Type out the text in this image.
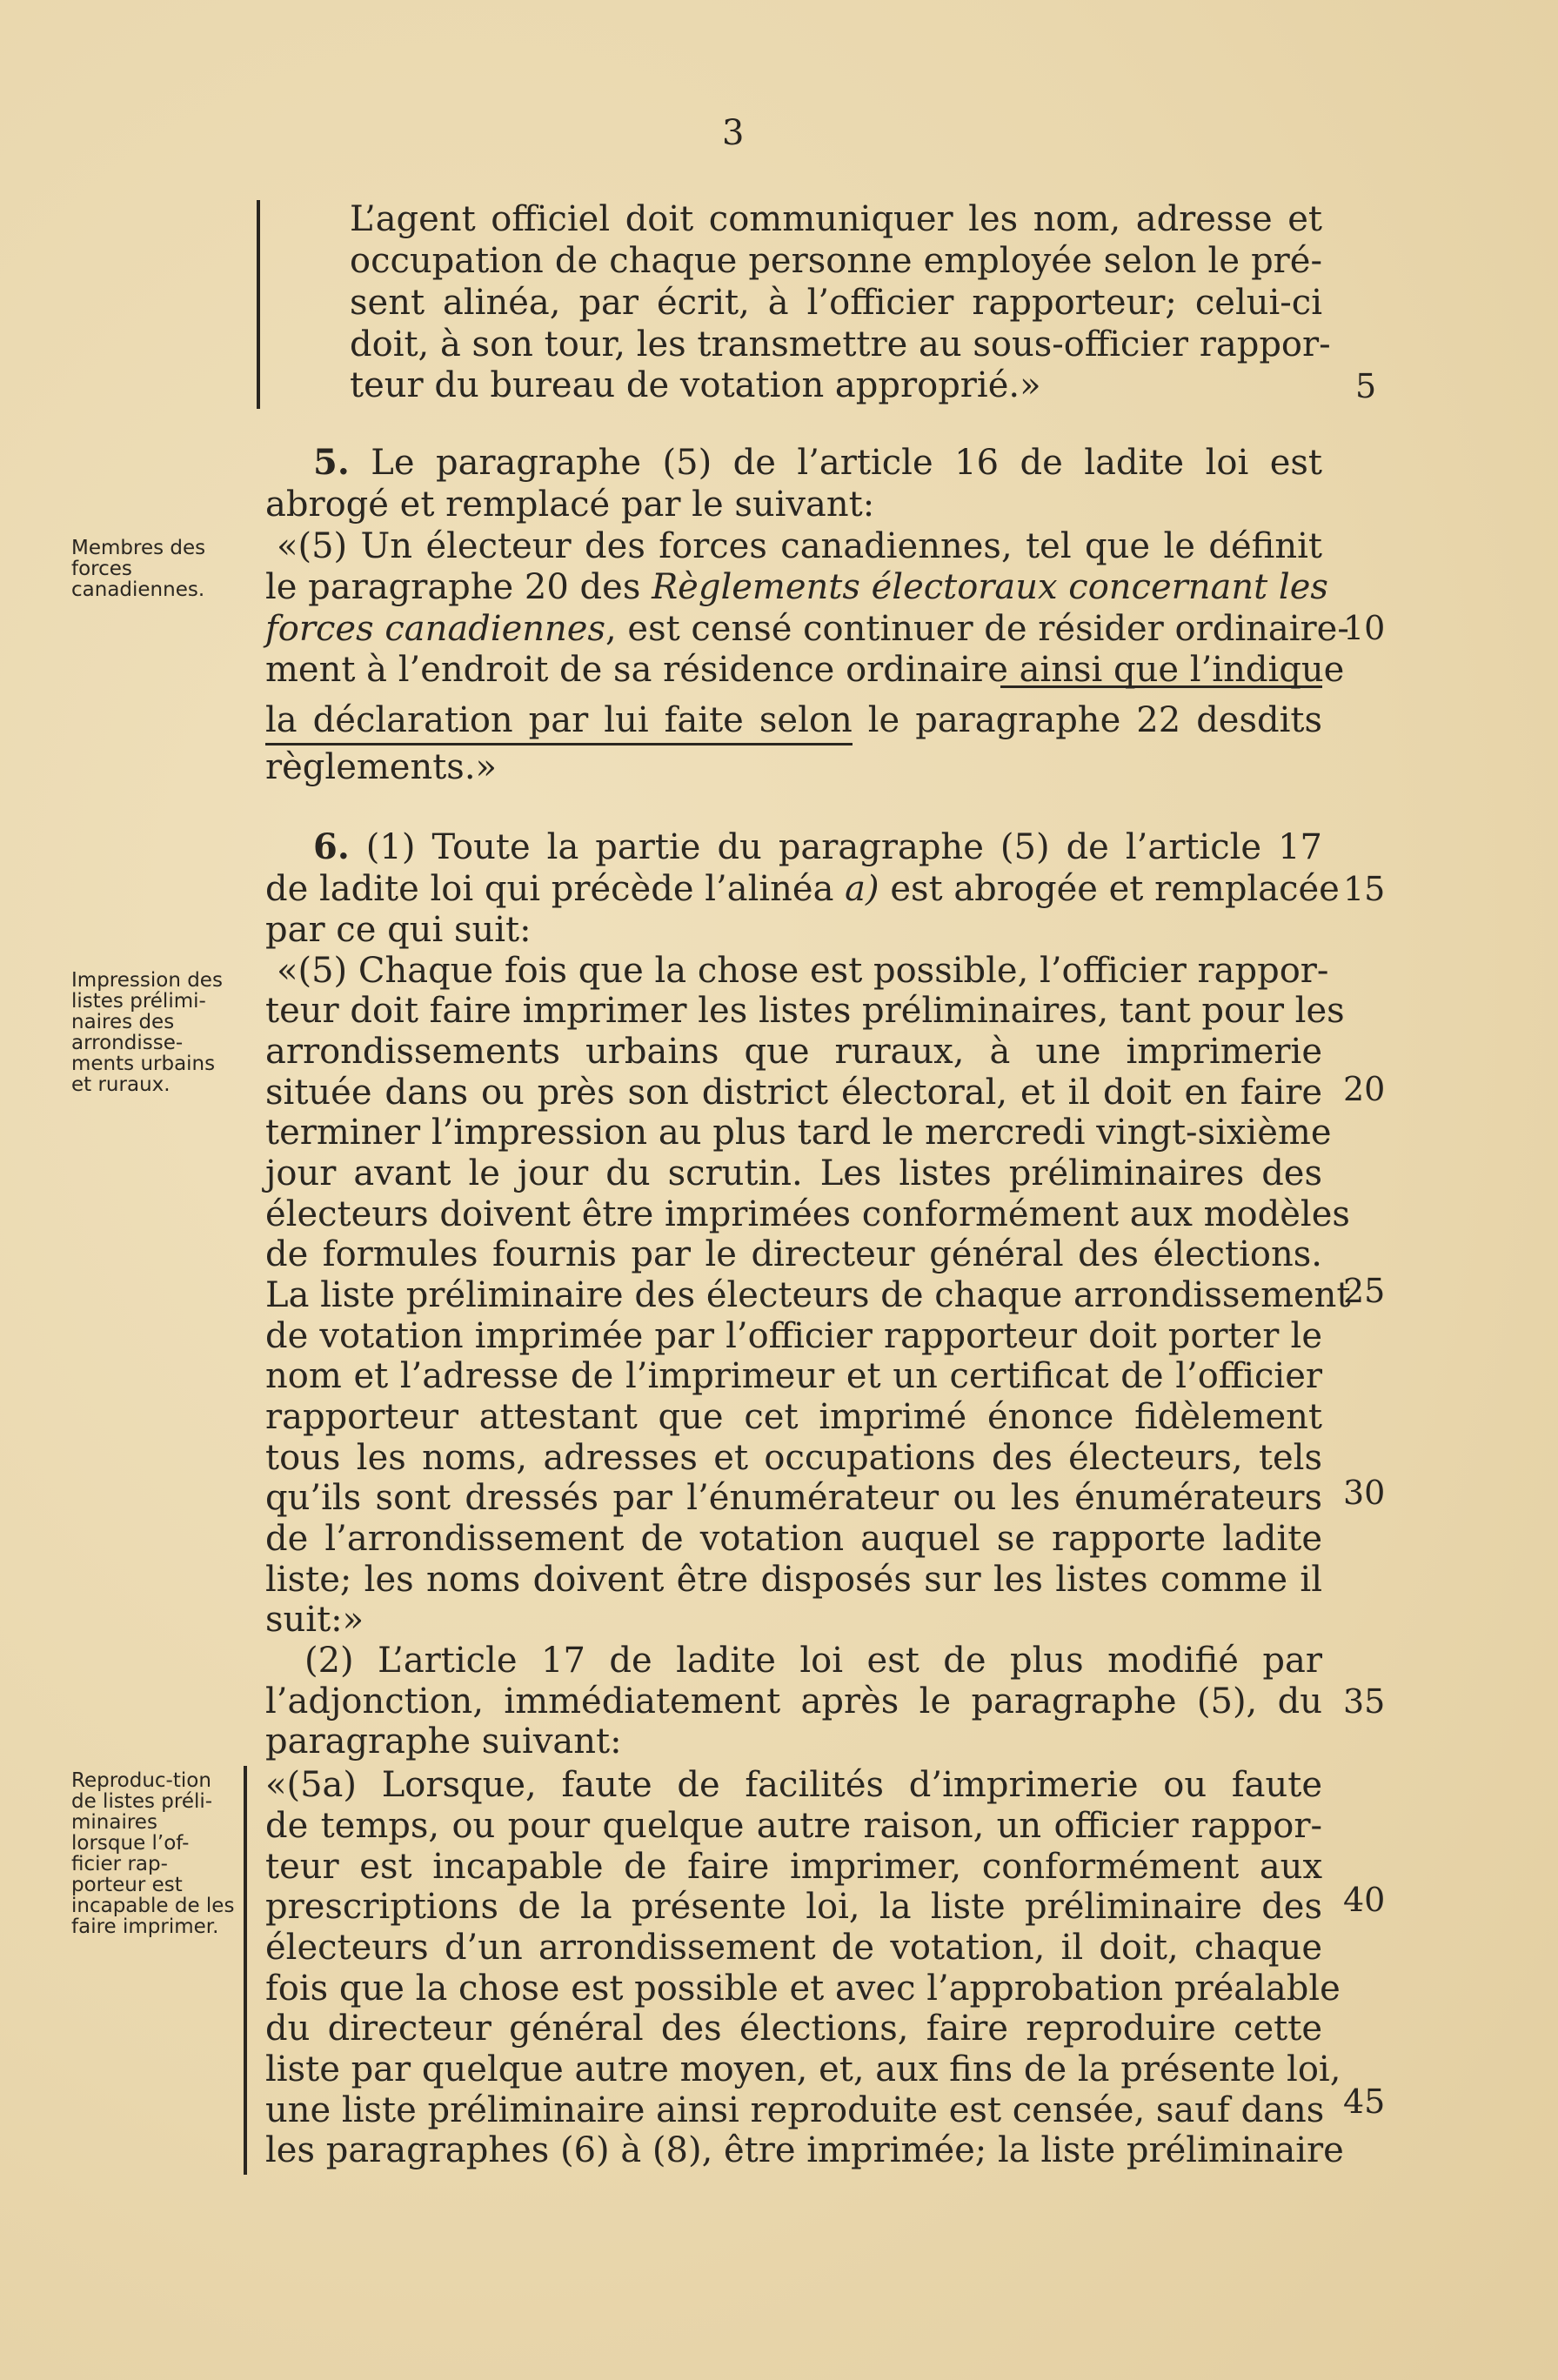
3
Membres des forces canadiennes.
Impression des listes prélimi-naires des arrondisse-ments urbains et ruraux.
Reproduc-tion de listes préli-minaires lorsque l’of-ficier rap-porteur est incapable de les faire imprimer.
L’agent officiel doit communiquer les nom, adresse et
occupation de chaque personne employée selon le pré-
sent alinéa, par écrit, à l’officier rapporteur; celui-ci
doit, à son tour, les transmettre au sous-officier rappor-
teur du bureau de votation approprié.»
5. Le paragraphe (5) de l’article 16 de ladite loi est
abrogé et remplacé par le suivant:
«(5) Un électeur des forces canadiennes, tel que le définit
le paragraphe 20 des Règlements électoraux concernant les
forces canadiennes, est censé continuer de résider ordinaire-
ment à l’endroit de sa résidence ordinaire ainsi que l’indique
la déclaration par lui faite selon le paragraphe 22 desdits
règlements.»
6. (1) Toute la partie du paragraphe (5) de l’article 17
de ladite loi qui précède l’alinéa a) est abrogée et remplacée
par ce qui suit:
«(5) Chaque fois que la chose est possible, l’officier rappor-
teur doit faire imprimer les listes préliminaires, tant pour les
arrondissements urbains que ruraux, à une imprimerie
située dans ou près son district électoral, et il doit en faire
terminer l’impression au plus tard le mercredi vingt-sixième
jour avant le jour du scrutin. Les listes préliminaires des
électeurs doivent être imprimées conformément aux modèles
de formules fournis par le directeur général des élections.
La liste préliminaire des électeurs de chaque arrondissement
de votation imprimée par l’officier rapporteur doit porter le
nom et l’adresse de l’imprimeur et un certificat de l’officier
rapporteur attestant que cet imprimé énonce fidèlement
tous les noms, adresses et occupations des électeurs, tels
qu’ils sont dressés par l’énumérateur ou les énumérateurs
de l’arrondissement de votation auquel se rapporte ladite
liste; les noms doivent être disposés sur les listes comme il
suit:»
(2) L’article 17 de ladite loi est de plus modifié par
l’adjonction, immédiatement après le paragraphe (5), du
paragraphe suivant:
«(5a) Lorsque, faute de facilités d’imprimerie ou faute
de temps, ou pour quelque autre raison, un officier rappor-
teur est incapable de faire imprimer, conformément aux
prescriptions de la présente loi, la liste préliminaire des
électeurs d’un arrondissement de votation, il doit, chaque
fois que la chose est possible et avec l’approbation préalable
du directeur général des élections, faire reproduire cette
liste par quelque autre moyen, et, aux fins de la présente loi,
une liste préliminaire ainsi reproduite est censée, sauf dans
les paragraphes (6) à (8), être imprimée; la liste préliminaire
5
10
15
20
25
30
35
40
45
